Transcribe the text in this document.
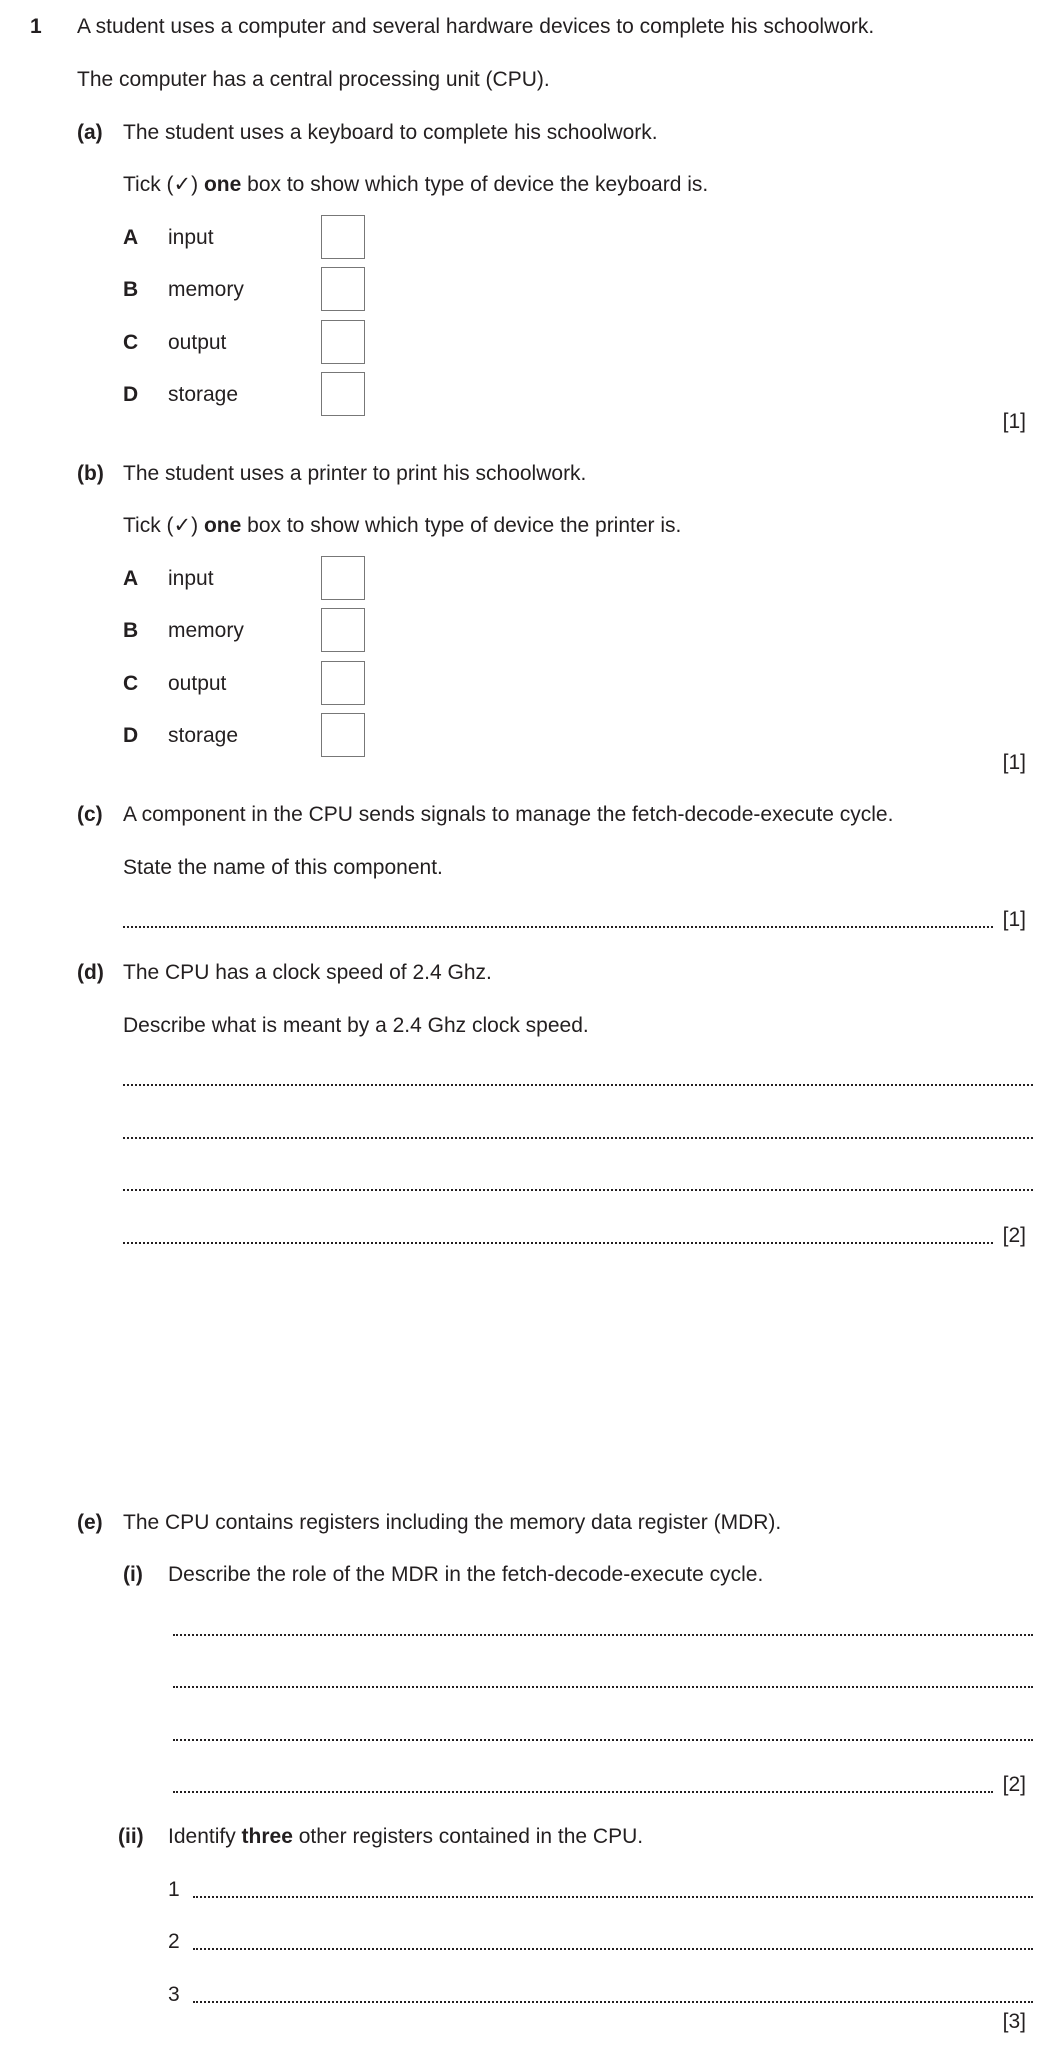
1 A student uses a computer and several hardware devices to complete his schoolwork.
The computer has a central processing unit (CPU).
(a) The student uses a keyboard to complete his schoolwork.
Tick (✓) one box to show which type of device the keyboard is.
A input
B memory
C output
D storage
[1]
(b) The student uses a printer to print his schoolwork.
Tick (✓) one box to show which type of device the printer is.
A input
B memory
C output
D storage
[1]
(c) A component in the CPU sends signals to manage the fetch-decode-execute cycle.
State the name of this component.
[1]
(d) The CPU has a clock speed of 2.4 Ghz.
Describe what is meant by a 2.4 Ghz clock speed.
[2]
(e) The CPU contains registers including the memory data register (MDR).
(i) Describe the role of the MDR in the fetch-decode-execute cycle.
[2]
(ii) Identify three other registers contained in the CPU.
1
2
3
[3]
